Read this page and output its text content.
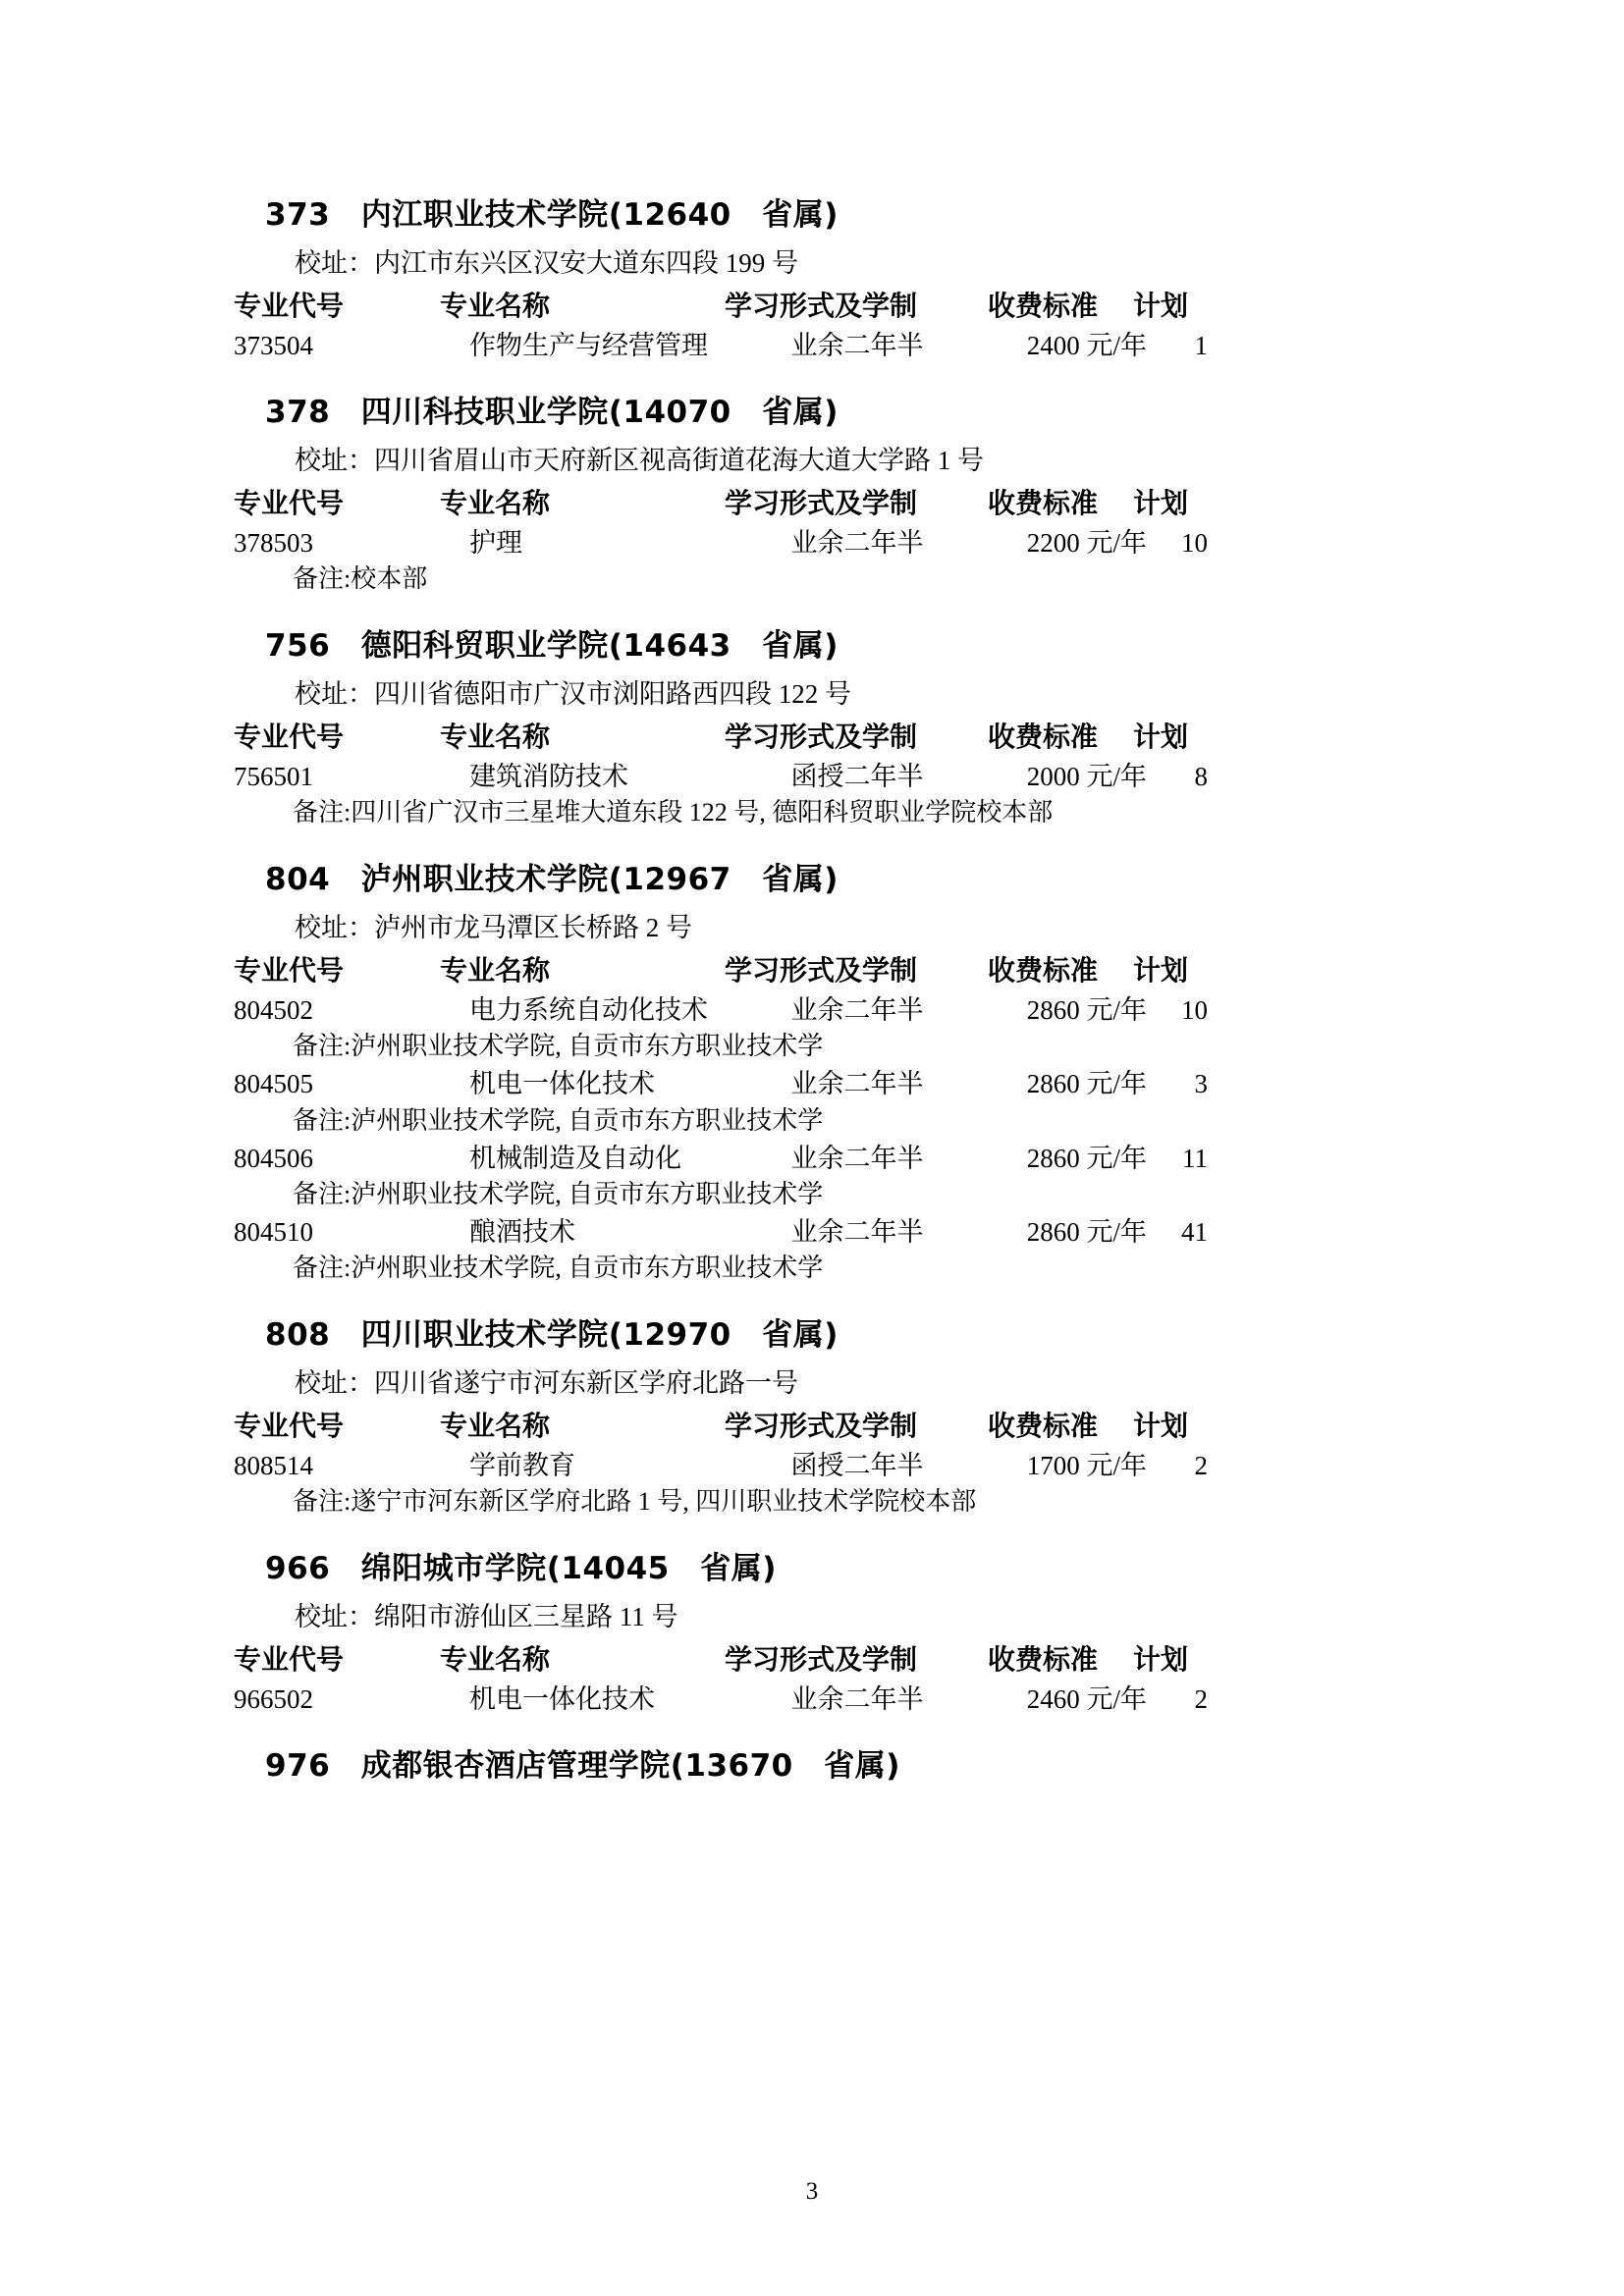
373　内江职业技术学院(12640　省属)
校址：内江市东兴区汉安大道东四段 199 号
专业代号	专业名称	学习形式及学制	收费标准	计划
373504	作物生产与经营管理	业余二年半	2400 元/年	1
378　四川科技职业学院(14070　省属)
校址：四川省眉山市天府新区视高街道花海大道大学路 1 号
专业代号	专业名称	学习形式及学制	收费标准	计划
378503	护理	业余二年半	2200 元/年	10
备注:校本部
756　德阳科贸职业学院(14643　省属)
校址：四川省德阳市广汉市浏阳路西四段 122 号
专业代号	专业名称	学习形式及学制	收费标准	计划
756501	建筑消防技术	函授二年半	2000 元/年	8
备注:四川省广汉市三星堆大道东段 122 号, 德阳科贸职业学院校本部
804　泸州职业技术学院(12967　省属)
校址：泸州市龙马潭区长桥路 2 号
专业代号	专业名称	学习形式及学制	收费标准	计划
804502	电力系统自动化技术	业余二年半	2860 元/年	10
备注:泸州职业技术学院, 自贡市东方职业技术学
804505	机电一体化技术	业余二年半	2860 元/年	3
备注:泸州职业技术学院, 自贡市东方职业技术学
804506	机械制造及自动化	业余二年半	2860 元/年	11
备注:泸州职业技术学院, 自贡市东方职业技术学
804510	酿酒技术	业余二年半	2860 元/年	41
备注:泸州职业技术学院, 自贡市东方职业技术学
808　四川职业技术学院(12970　省属)
校址：四川省遂宁市河东新区学府北路一号
专业代号	专业名称	学习形式及学制	收费标准	计划
808514	学前教育	函授二年半	1700 元/年	2
备注:遂宁市河东新区学府北路 1 号, 四川职业技术学院校本部
966　绵阳城市学院(14045　省属)
校址：绵阳市游仙区三星路 11 号
专业代号	专业名称	学习形式及学制	收费标准	计划
966502	机电一体化技术	业余二年半	2460 元/年	2
976　成都银杏酒店管理学院(13670　省属)
3
